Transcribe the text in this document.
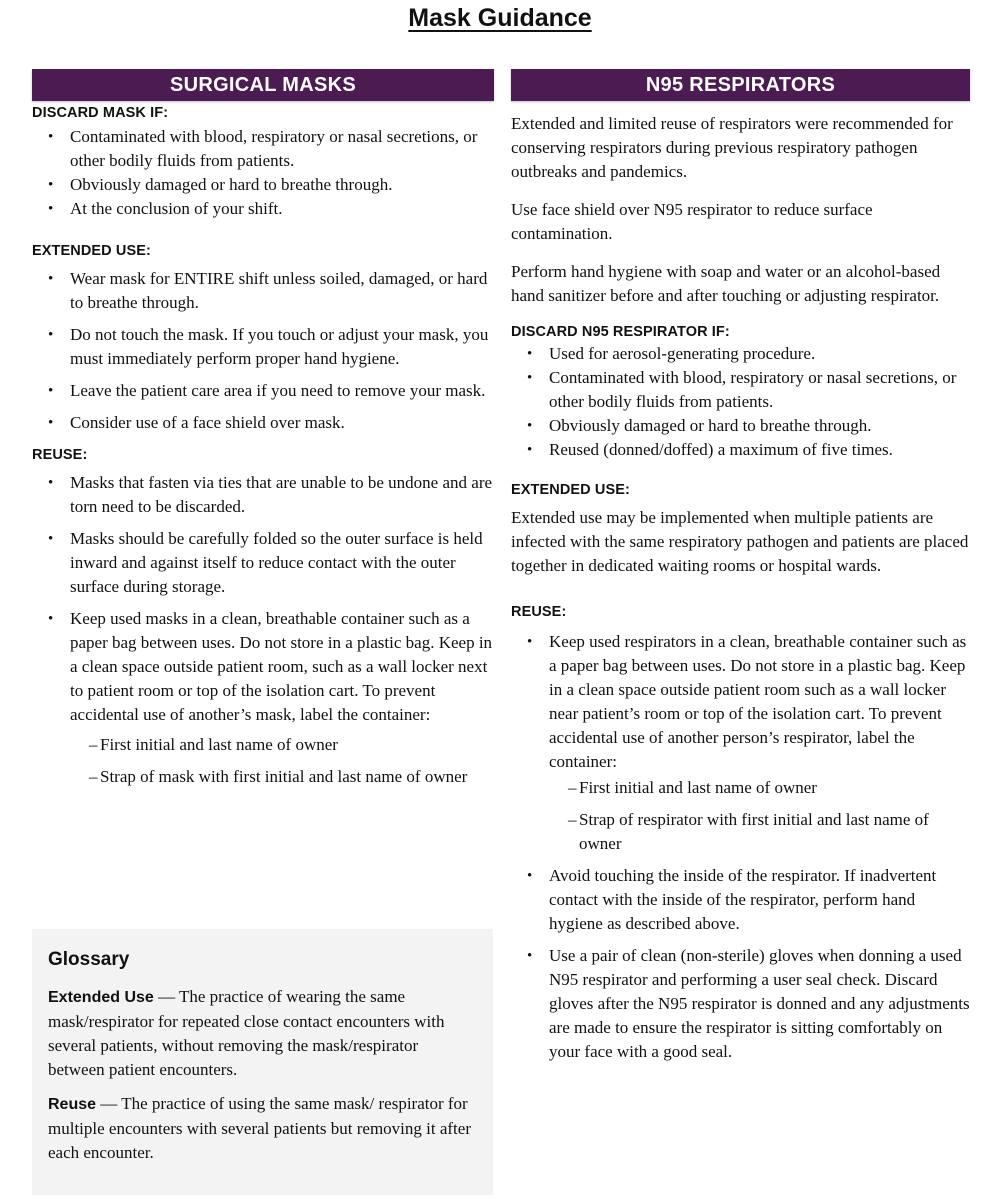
Mask Guidance
SURGICAL MASKS
DISCARD MASK IF:
• Contaminated with blood, respiratory or nasal secretions, or other bodily fluids from patients.
• Obviously damaged or hard to breathe through.
• At the conclusion of your shift.
EXTENDED USE:
• Wear mask for ENTIRE shift unless soiled, damaged, or hard to breathe through.
• Do not touch the mask. If you touch or adjust your mask, you must immediately perform proper hand hygiene.
• Leave the patient care area if you need to remove your mask.
• Consider use of a face shield over mask.
REUSE:
• Masks that fasten via ties that are unable to be undone and are torn need to be discarded.
• Masks should be carefully folded so the outer surface is held inward and against itself to reduce contact with the outer surface during storage.
• Keep used masks in a clean, breathable container such as a paper bag between uses. Do not store in a plastic bag. Keep in a clean space outside patient room, such as a wall locker next to patient room or top of the isolation cart. To prevent accidental use of another’s mask, label the container:
– First initial and last name of owner
– Strap of mask with first initial and last name of owner
Glossary
Extended Use — The practice of wearing the same mask/respirator for repeated close contact encounters with several patients, without removing the mask/respirator between patient encounters.
Reuse — The practice of using the same mask/ respirator for multiple encounters with several patients but removing it after each encounter.
N95 RESPIRATORS
Extended and limited reuse of respirators were recommended for conserving respirators during previous respiratory pathogen outbreaks and pandemics.
Use face shield over N95 respirator to reduce surface contamination.
Perform hand hygiene with soap and water or an alcohol-based hand sanitizer before and after touching or adjusting respirator.
DISCARD N95 RESPIRATOR IF:
• Used for aerosol-generating procedure.
• Contaminated with blood, respiratory or nasal secretions, or other bodily fluids from patients.
• Obviously damaged or hard to breathe through.
• Reused (donned/doffed) a maximum of five times.
EXTENDED USE:
Extended use may be implemented when multiple patients are infected with the same respiratory pathogen and patients are placed together in dedicated waiting rooms or hospital wards.
REUSE:
• Keep used respirators in a clean, breathable container such as a paper bag between uses. Do not store in a plastic bag. Keep in a clean space outside patient room such as a wall locker near patient’s room or top of the isolation cart. To prevent accidental use of another person’s respirator, label the container:
– First initial and last name of owner
– Strap of respirator with first initial and last name of owner
• Avoid touching the inside of the respirator. If inadvertent contact with the inside of the respirator, perform hand hygiene as described above.
• Use a pair of clean (non-sterile) gloves when donning a used N95 respirator and performing a user seal check. Discard gloves after the N95 respirator is donned and any adjustments are made to ensure the respirator is sitting comfortably on your face with a good seal.
